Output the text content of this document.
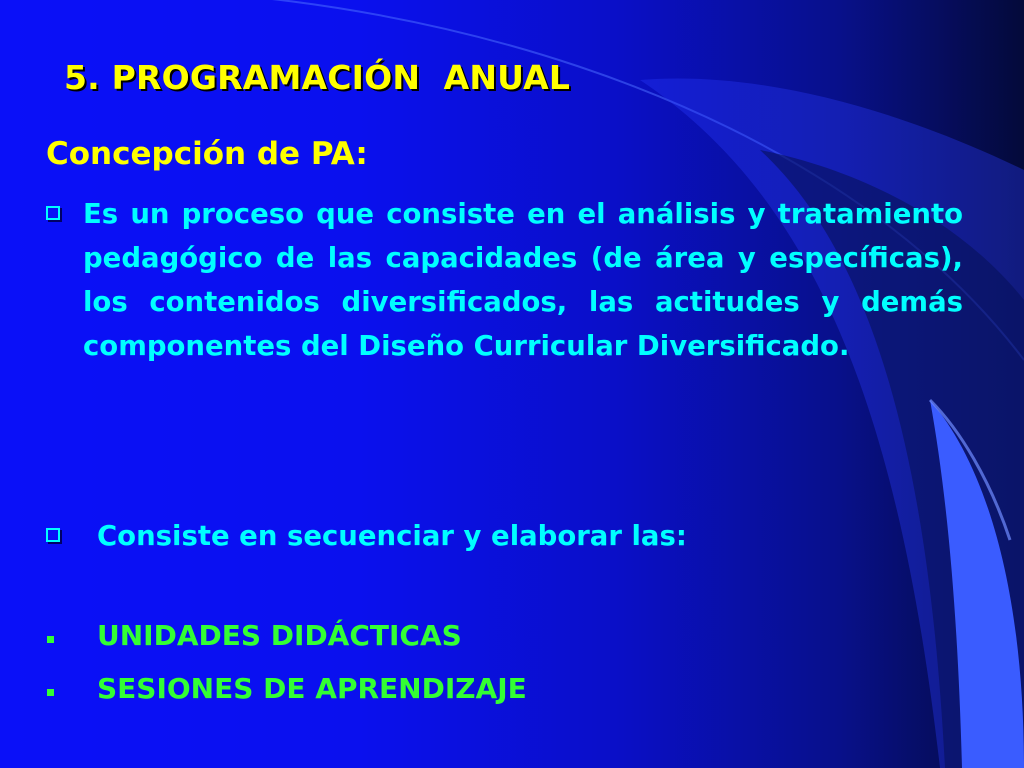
5. PROGRAMACIÓN  ANUAL
Concepción de PA:

Es un proceso que consiste en el análisis y tratamiento pedagógico de las capacidades (de área y específicas), los contenidos diversificados, las actitudes y demás componentes del Diseño Curricular Diversificado.

Consiste en secuenciar y elaborar las:

UNIDADES DIDÁCTICAS

SESIONES DE APRENDIZAJE
